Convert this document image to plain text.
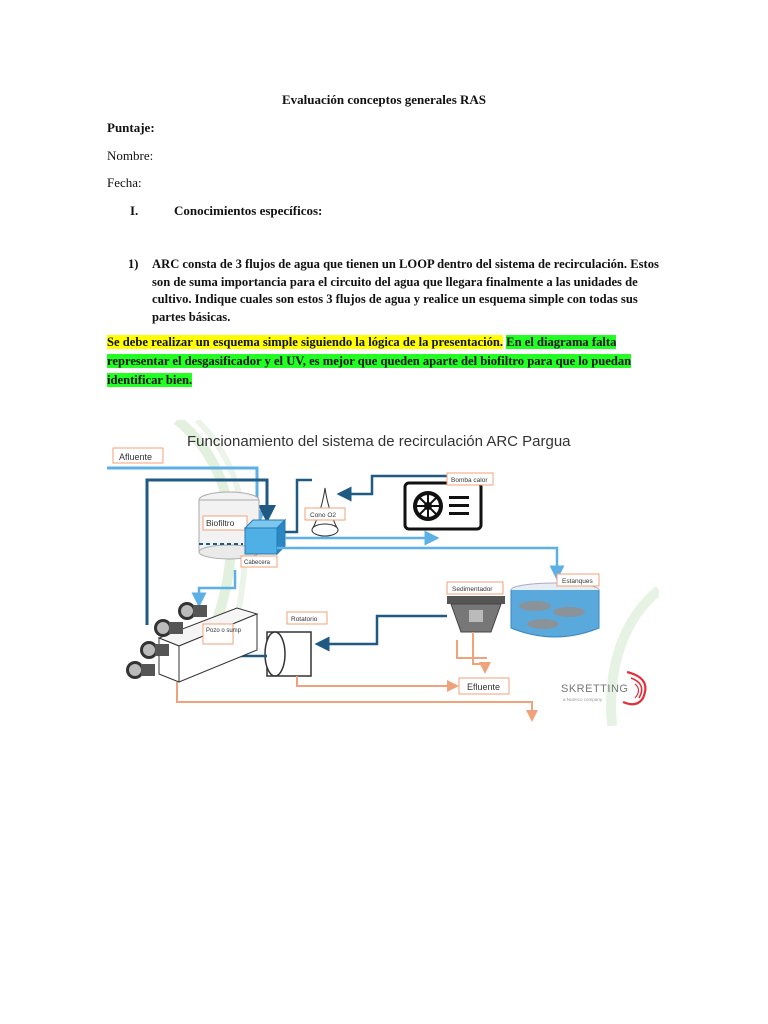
Evaluación conceptos generales RAS
Puntaje:
Nombre:
Fecha:
I.	Conocimientos específicos:
1) ARC consta de 3 flujos de agua que tienen un LOOP dentro del sistema de recirculación. Estos
son de suma importancia para el circuito del agua que llegara finalmente a las unidades de
cultivo. Indique cuales son estos 3 flujos de agua y realice un esquema simple con todas sus
partes básicas.
Se debe realizar un esquema simple siguiendo la lógica de la presentación. En el diagrama falta representar el desgasificador y el UV, es mejor que queden aparte del biofiltro para que lo puedan identificar bien.
Funcionamiento del sistema de recirculación ARC Pargua
Afluente
Biofiltro
Cabecera
Cono O2
Bomba calor
Sedimentador
Estanques
Rotatorio
Pozo o sump
Efluente	SKRETTING
a Nutreco company
